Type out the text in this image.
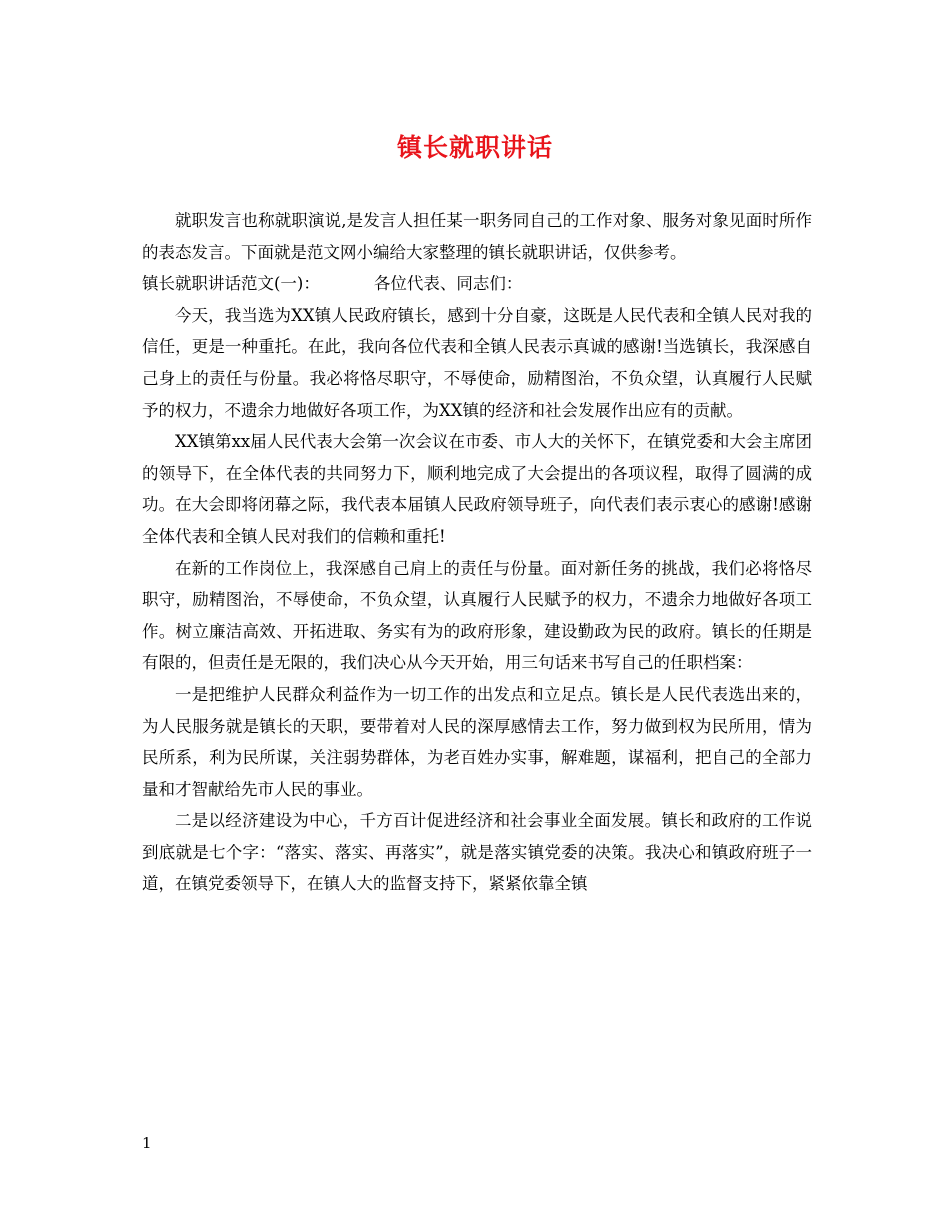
镇长就职讲话

就职发言也称就职演说,是发言人担任某一职务同自己的工作对象、服务对象见面时所作的表态发言。下面就是范文网小编给大家整理的镇长就职讲话，仅供参考。

镇长就职讲话范文(一)：	各位代表、同志们：

今天，我当选为XX镇人民政府镇长，感到十分自豪，这既是人民代表和全镇人民对我的信任，更是一种重托。在此，我向各位代表和全镇人民表示真诚的感谢!当选镇长，我深感自己身上的责任与份量。我必将恪尽职守，不辱使命，励精图治，不负众望，认真履行人民赋予的权力，不遗余力地做好各项工作，为XX镇的经济和社会发展作出应有的贡献。

XX镇第xx届人民代表大会第一次会议在市委、市人大的关怀下，在镇党委和大会主席团的领导下，在全体代表的共同努力下，顺利地完成了大会提出的各项议程，取得了圆满的成功。在大会即将闭幕之际，我代表本届镇人民政府领导班子，向代表们表示衷心的感谢!感谢全体代表和全镇人民对我们的信赖和重托!

在新的工作岗位上，我深感自己肩上的责任与份量。面对新任务的挑战，我们必将恪尽职守，励精图治，不辱使命，不负众望，认真履行人民赋予的权力，不遗余力地做好各项工作。树立廉洁高效、开拓进取、务实有为的政府形象，建设勤政为民的政府。镇长的任期是有限的，但责任是无限的，我们决心从今天开始，用三句话来书写自己的任职档案：

一是把维护人民群众利益作为一切工作的出发点和立足点。镇长是人民代表选出来的，为人民服务就是镇长的天职，要带着对人民的深厚感情去工作，努力做到权为民所用，情为民所系，利为民所谋，关注弱势群体，为老百姓办实事，解难题，谋福利，把自己的全部力量和才智献给先市人民的事业。

二是以经济建设为中心，千方百计促进经济和社会事业全面发展。镇长和政府的工作说到底就是七个字：“落实、落实、再落实”，就是落实镇党委的决策。我决心和镇政府班子一道，在镇党委领导下，在镇人大的监督支持下，紧紧依靠全镇

1
